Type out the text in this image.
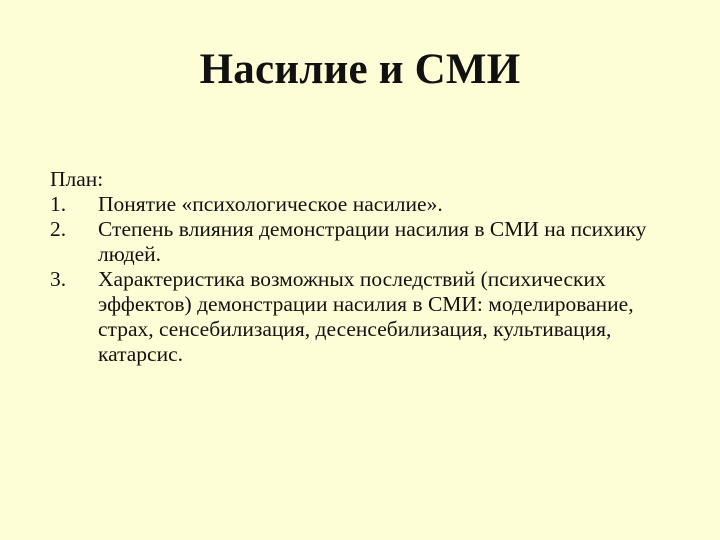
Насилие и СМИ
План:
1.	Понятие «психологическое насилие».
2.	Степень влияния демонстрации насилия в СМИ на психику людей.
3.	Характеристика возможных последствий (психических эффектов) демонстрации насилия в СМИ: моделирование, страх, сенсебилизация, десенсебилизация, культивация, катарсис.
